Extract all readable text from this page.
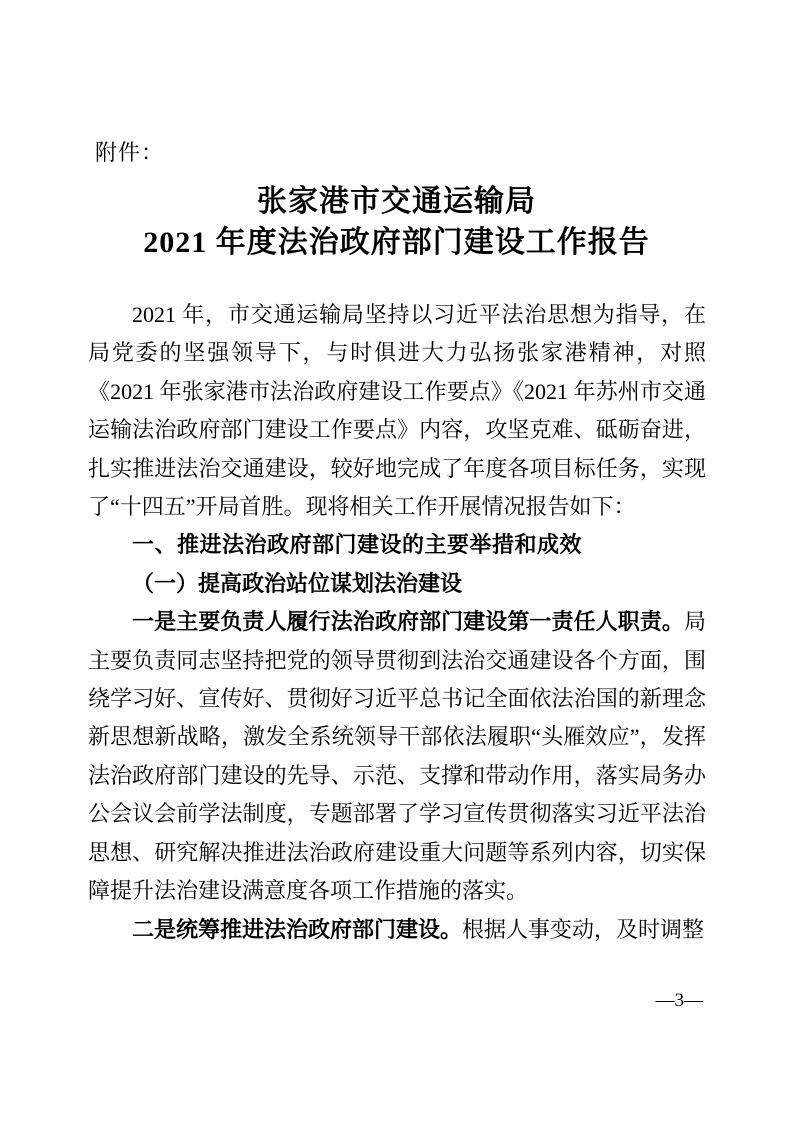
附件：
张家港市交通运输局
2021 年度法治政府部门建设工作报告

2021 年，市交通运输局坚持以习近平法治思想为指导，在局党委的坚强领导下，与时俱进大力弘扬张家港精神，对照《2021 年张家港市法治政府建设工作要点》《2021 年苏州市交通运输法治政府部门建设工作要点》内容，攻坚克难、砥砺奋进，扎实推进法治交通建设，较好地完成了年度各项目标任务，实现了“十四五”开局首胜。现将相关工作开展情况报告如下：

一、推进法治政府部门建设的主要举措和成效

（一）提高政治站位谋划法治建设

一是主要负责人履行法治政府部门建设第一责任人职责。局主要负责同志坚持把党的领导贯彻到法治交通建设各个方面，围绕学习好、宣传好、贯彻好习近平总书记全面依法治国的新理念新思想新战略，激发全系统领导干部依法履职“头雁效应”，发挥法治政府部门建设的先导、示范、支撑和带动作用，落实局务办公会议会前学法制度，专题部署了学习宣传贯彻落实习近平法治思想、研究解决推进法治政府建设重大问题等系列内容，切实保障提升法治建设满意度各项工作措施的落实。

二是统筹推进法治政府部门建设。根据人事变动，及时调整

—3—
